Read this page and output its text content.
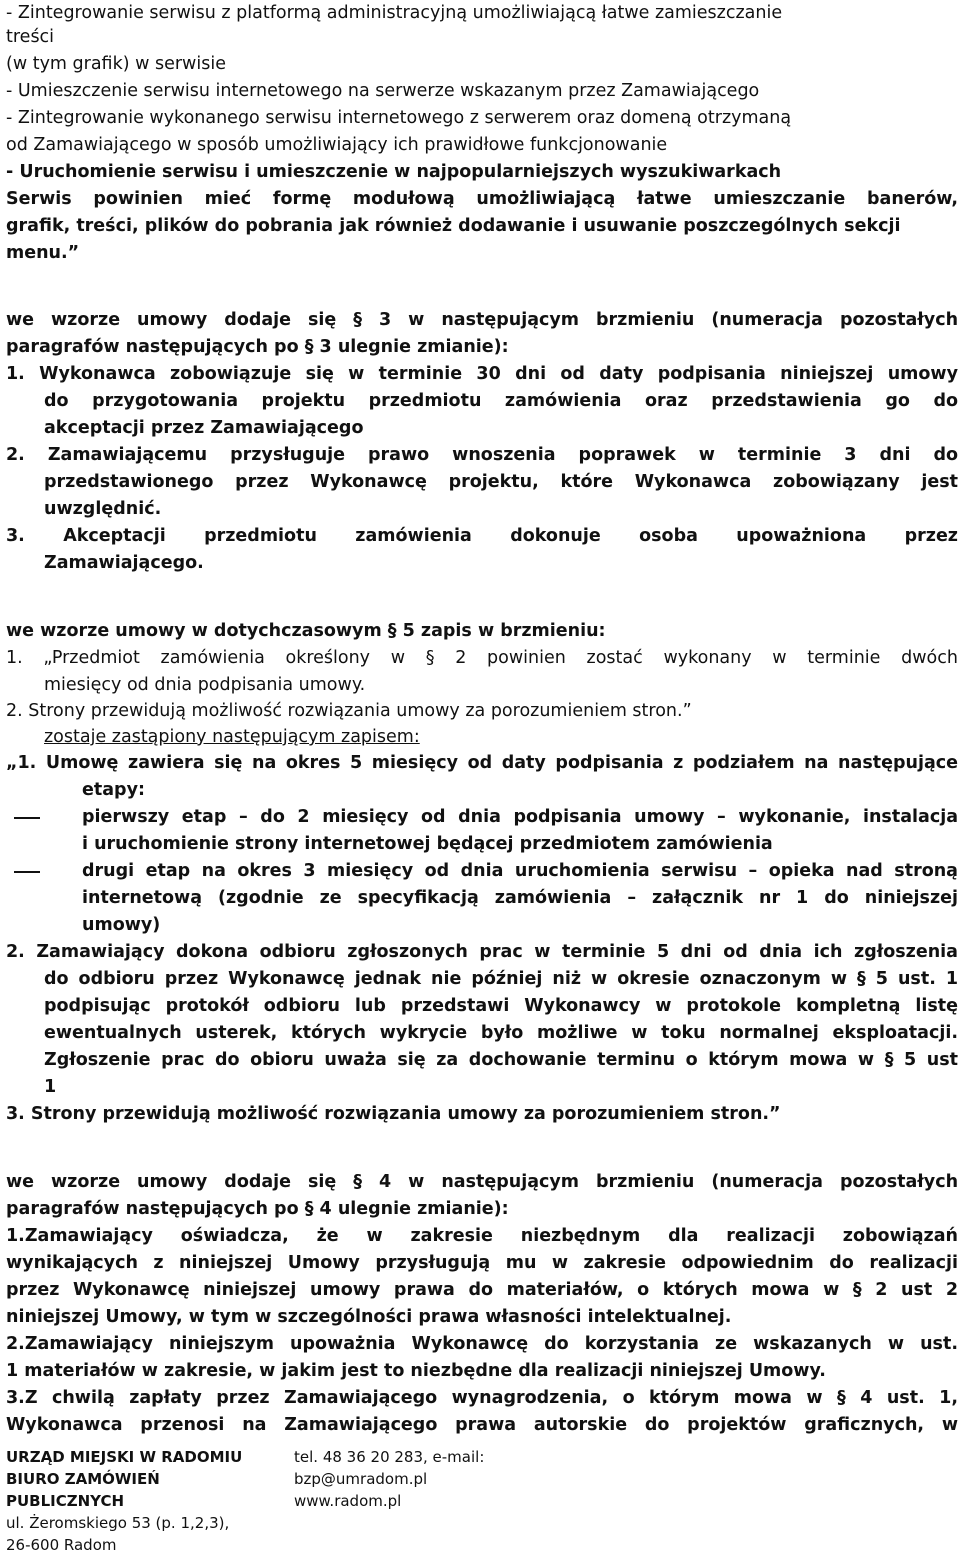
- Zintegrowanie serwisu z platformą administracyjną umożliwiającą łatwe zamieszczanie
treści
(w tym grafik) w serwisie
- Umieszczenie serwisu internetowego na serwerze wskazanym przez Zamawiającego
- Zintegrowanie wykonanego serwisu internetowego z serwerem oraz domeną otrzymaną
od Zamawiającego w sposób umożliwiający ich prawidłowe funkcjonowanie
- Uruchomienie serwisu i umieszczenie w najpopularniejszych wyszukiwarkach
Serwis powinien mieć formę modułową umożliwiającą łatwe umieszczanie banerów,
grafik, treści, plików do pobrania jak również dodawanie i usuwanie poszczególnych sekcji
menu.”
we wzorze umowy dodaje się § 3 w następującym brzmieniu (numeracja pozostałych
paragrafów następujących po § 3 ulegnie zmianie):
1. Wykonawca zobowiązuje się w terminie 30 dni od daty podpisania niniejszej umowy
do przygotowania projektu przedmiotu zamówienia oraz przedstawienia go do
akceptacji przez Zamawiającego
2. Zamawiającemu przysługuje prawo wnoszenia poprawek w terminie 3 dni do
przedstawionego przez Wykonawcę projektu, które Wykonawca zobowiązany jest
uwzględnić.
3. Akceptacji przedmiotu zamówienia dokonuje osoba upoważniona przez
Zamawiającego.
we wzorze umowy w dotychczasowym § 5 zapis w brzmieniu:
1. „Przedmiot zamówienia określony w § 2 powinien zostać wykonany w terminie dwóch
miesięcy od dnia podpisania umowy.
2. Strony przewidują możliwość rozwiązania umowy za porozumieniem stron.”
zostaje zastąpiony następującym zapisem:
„1. Umowę zawiera się na okres 5 miesięcy od daty podpisania z podziałem na następujące
etapy:
pierwszy etap – do 2 miesięcy od dnia podpisania umowy – wykonanie, instalacja
i uruchomienie strony internetowej będącej przedmiotem zamówienia
drugi etap na okres 3 miesięcy od dnia uruchomienia serwisu – opieka nad stroną
internetową (zgodnie ze specyfikacją zamówienia – załącznik nr 1 do niniejszej
umowy)
2. Zamawiający dokona odbioru zgłoszonych prac w terminie 5 dni od dnia ich zgłoszenia
do odbioru przez Wykonawcę jednak nie później niż w okresie oznaczonym w § 5 ust. 1
podpisując protokół odbioru lub przedstawi Wykonawcy w protokole kompletną listę
ewentualnych usterek, których wykrycie było możliwe w toku normalnej eksploatacji.
Zgłoszenie prac do obioru uważa się za dochowanie terminu o którym mowa w § 5 ust
1
3. Strony przewidują możliwość rozwiązania umowy za porozumieniem stron.”
we wzorze umowy dodaje się § 4 w następującym brzmieniu (numeracja pozostałych
paragrafów następujących po § 4 ulegnie zmianie):
1.Zamawiający oświadcza, że w zakresie niezbędnym dla realizacji zobowiązań
wynikających z niniejszej Umowy przysługują mu w zakresie odpowiednim do realizacji
przez Wykonawcę niniejszej umowy prawa do materiałów, o których mowa w § 2 ust 2
niniejszej Umowy, w tym w szczególności prawa własności intelektualnej.
2.Zamawiający niniejszym upoważnia Wykonawcę do korzystania ze wskazanych w ust.
1 materiałów w zakresie, w jakim jest to niezbędne dla realizacji niniejszej Umowy.
3.Z chwilą zapłaty przez Zamawiającego wynagrodzenia, o którym mowa w § 4 ust. 1,
Wykonawca przenosi na Zamawiającego prawa autorskie do projektów graficznych, w
URZĄD MIEJSKI W RADOMIU
BIURO ZAMÓWIEŃ
PUBLICZNYCH
ul. Żeromskiego 53 (p. 1,2,3),
26-600 Radom
tel. 48 36 20 283, e-mail:
bzp@umradom.pl
www.radom.pl
